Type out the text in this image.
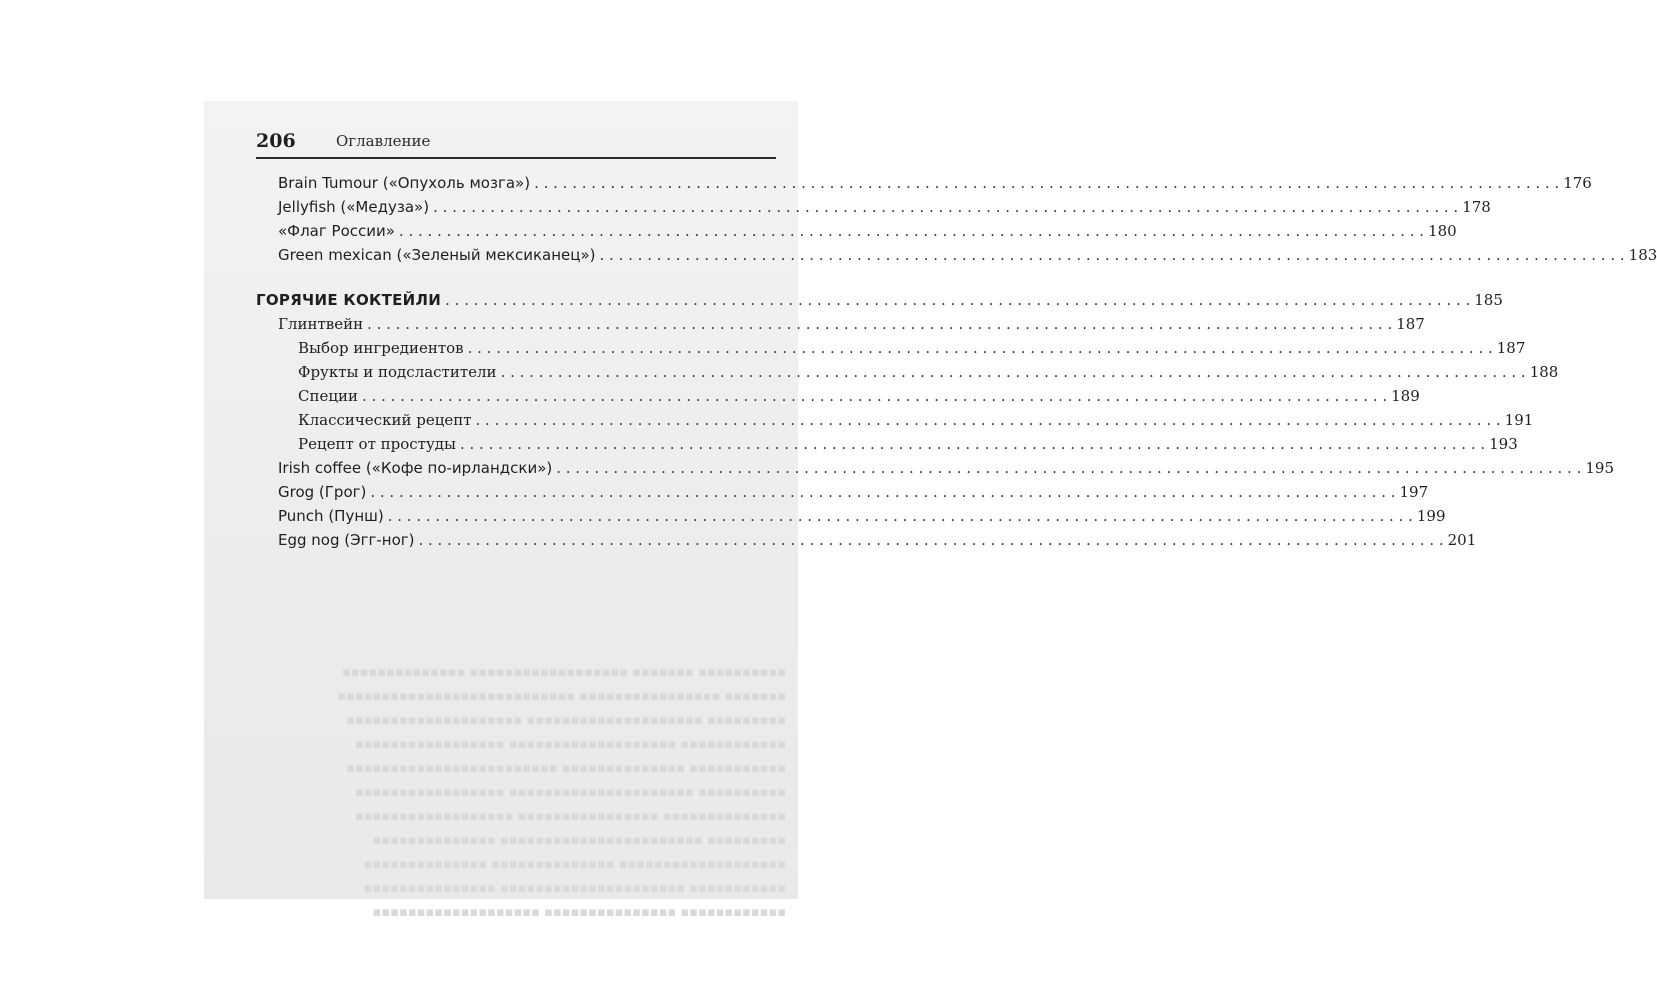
▪▪▪▪▪▪▪▪▪▪ ▪▪▪▪▪▪▪ ▪▪▪▪▪▪▪▪▪▪▪▪▪▪▪▪▪▪ ▪▪▪▪▪▪▪▪▪▪▪▪▪▪
▪▪▪▪▪▪▪ ▪▪▪▪▪▪▪▪▪▪▪▪▪▪▪▪ ▪▪▪▪▪▪▪▪▪▪▪▪▪▪▪▪▪▪▪▪▪▪▪▪▪▪▪
▪▪▪▪▪▪▪▪▪ ▪▪▪▪▪▪▪▪▪▪▪▪▪▪▪▪▪▪▪▪ ▪▪▪▪▪▪▪▪▪▪▪▪▪▪▪▪▪▪▪▪
▪▪▪▪▪▪▪▪▪▪▪▪ ▪▪▪▪▪▪▪▪▪▪▪▪▪▪▪▪▪▪▪ ▪▪▪▪▪▪▪▪▪▪▪▪▪▪▪▪▪
▪▪▪▪▪▪▪▪▪▪▪ ▪▪▪▪▪▪▪▪▪▪▪▪▪▪ ▪▪▪▪▪▪▪▪▪▪▪▪▪▪▪▪▪▪▪▪▪▪▪▪
▪▪▪▪▪▪▪▪▪▪ ▪▪▪▪▪▪▪▪▪▪▪▪▪▪▪▪▪▪▪▪▪ ▪▪▪▪▪▪▪▪▪▪▪▪▪▪▪▪▪
▪▪▪▪▪▪▪▪▪▪▪▪▪▪ ▪▪▪▪▪▪▪▪▪▪▪▪▪▪▪▪ ▪▪▪▪▪▪▪▪▪▪▪▪▪▪▪▪▪▪
▪▪▪▪▪▪▪▪▪ ▪▪▪▪▪▪▪▪▪▪▪▪▪▪▪▪▪▪▪▪▪▪▪ ▪▪▪▪▪▪▪▪▪▪▪▪▪▪
▪▪▪▪▪▪▪▪▪▪▪▪▪▪▪▪▪▪▪ ▪▪▪▪▪▪▪▪▪▪▪▪▪▪ ▪▪▪▪▪▪▪▪▪▪▪▪▪▪
▪▪▪▪▪▪▪▪▪▪▪ ▪▪▪▪▪▪▪▪▪▪▪▪▪▪▪▪▪▪▪▪▪ ▪▪▪▪▪▪▪▪▪▪▪▪▪▪▪
▪▪▪▪▪▪▪▪▪▪▪▪ ▪▪▪▪▪▪▪▪▪▪▪▪▪▪▪ ▪▪▪▪▪▪▪▪▪▪▪▪▪▪▪▪▪▪▪
206	Оглавление
Brain Tumour («Опухоль мозга») . . .	176
Jellyfish («Медуза») . . .	178
«Флаг России» . . .	180
Green mexican («Зеленый мексиканец») . . .	183
ГОРЯЧИЕ КОКТЕЙЛИ . . .	185
Глинтвейн . . .	187
Выбор ингредиентов . . .	187
Фрукты и подсластители . . .	188
Специи . . .	189
Классический рецепт . . .	191
Рецепт от простуды . . .	193
Irish coffee («Кофе по-ирландски») . . .	195
Grog (Грог) . . .	197
Punch (Пунш) . . .	199
Egg nog (Эгг-ног) . . .	201
